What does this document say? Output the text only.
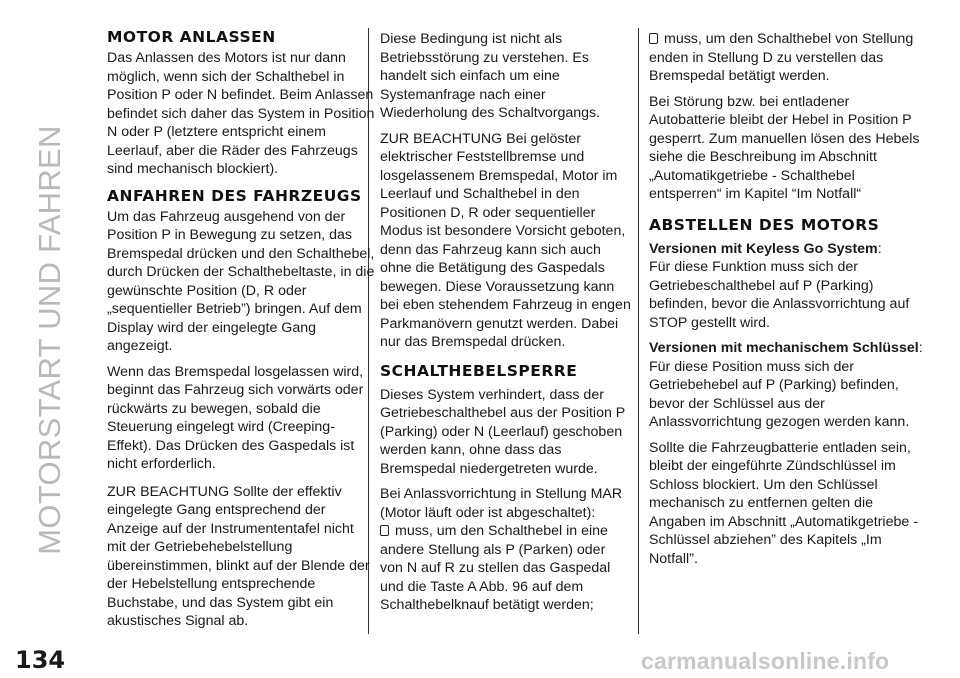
MOTORSTART UND FAHREN
134
MOTOR ANLASSEN

Das Anlassen des Motors ist nur dann möglich, wenn sich der Schalthebel in Position P oder N befindet. Beim Anlassen befindet sich daher das System in Position N oder P (letztere entspricht einem Leerlauf, aber die Räder des Fahrzeugs sind mechanisch blockiert).

ANFAHREN DES FAHRZEUGS

Um das Fahrzeug ausgehend von der Position P in Bewegung zu setzen, das Bremspedal drücken und den Schalthebel, durch Drücken der Schalthebeltaste, in die gewünschte Position (D, R oder „sequentieller Betrieb”) bringen. Auf dem Display wird der eingelegte Gang angezeigt.

Wenn das Bremspedal losgelassen wird, beginnt das Fahrzeug sich vorwärts oder rückwärts zu bewegen, sobald die Steuerung eingelegt wird (Creeping-Effekt). Das Drücken des Gaspedals ist nicht erforderlich.

ZUR BEACHTUNG Sollte der effektiv eingelegte Gang entsprechend der Anzeige auf der Instrumententafel nicht mit der Getriebehebelstellung übereinstimmen, blinkt auf der Blende der der Hebelstellung entsprechende Buchstabe, und das System gibt ein akustisches Signal ab.

Diese Bedingung ist nicht als Betriebsstörung zu verstehen. Es handelt sich einfach um eine Systemanfrage nach einer Wiederholung des Schaltvorgangs.

ZUR BEACHTUNG Bei gelöster elektrischer Feststellbremse und losgelassenem Bremspedal, Motor im Leerlauf und Schalthebel in den Positionen D, R oder sequentieller Modus ist besondere Vorsicht geboten, denn das Fahrzeug kann sich auch ohne die Betätigung des Gaspedals bewegen. Diese Voraussetzung kann bei eben stehendem Fahrzeug in engen Parkmanövern genutzt werden. Dabei nur das Bremspedal drücken.

SCHALTHEBELSPERRE

Dieses System verhindert, dass der Getriebeschalthebel aus der Position P (Parking) oder N (Leerlauf) geschoben werden kann, ohne dass das Bremspedal niedergetreten wurde.

Bei Anlassvorrichtung in Stellung MAR (Motor läuft oder ist abgeschaltet):

muss, um den Schalthebel in eine andere Stellung als P (Parken) oder von N auf R zu stellen das Gaspedal und die Taste A Abb. 96 auf dem Schalthebelknauf betätigt werden;

muss, um den Schalthebel von Stellung enden in Stellung D zu verstellen das Bremspedal betätigt werden.

Bei Störung bzw. bei entladener Autobatterie bleibt der Hebel in Position P gesperrt. Zum manuellen lösen des Hebels siehe die Beschreibung im Abschnitt „Automatikgetriebe - Schalthebel entsperren“ im Kapitel “Im Notfall“

ABSTELLEN DES MOTORS

Versionen mit Keyless Go System:

Für diese Funktion muss sich der Getriebeschalthebel auf P (Parking) befinden, bevor die Anlassvorrichtung auf STOP gestellt wird.

Versionen mit mechanischem Schlüssel: Für diese Position muss sich der Getriebehebel auf P (Parking) befinden, bevor der Schlüssel aus der Anlassvorrichtung gezogen werden kann.

Sollte die Fahrzeugbatterie entladen sein, bleibt der eingeführte Zündschlüssel im Schloss blockiert. Um den Schlüssel mechanisch zu entfernen gelten die Angaben im Abschnitt „Automatikgetriebe - Schlüssel abziehen” des Kapitels „Im Notfall”.

carmanualsonline.info
